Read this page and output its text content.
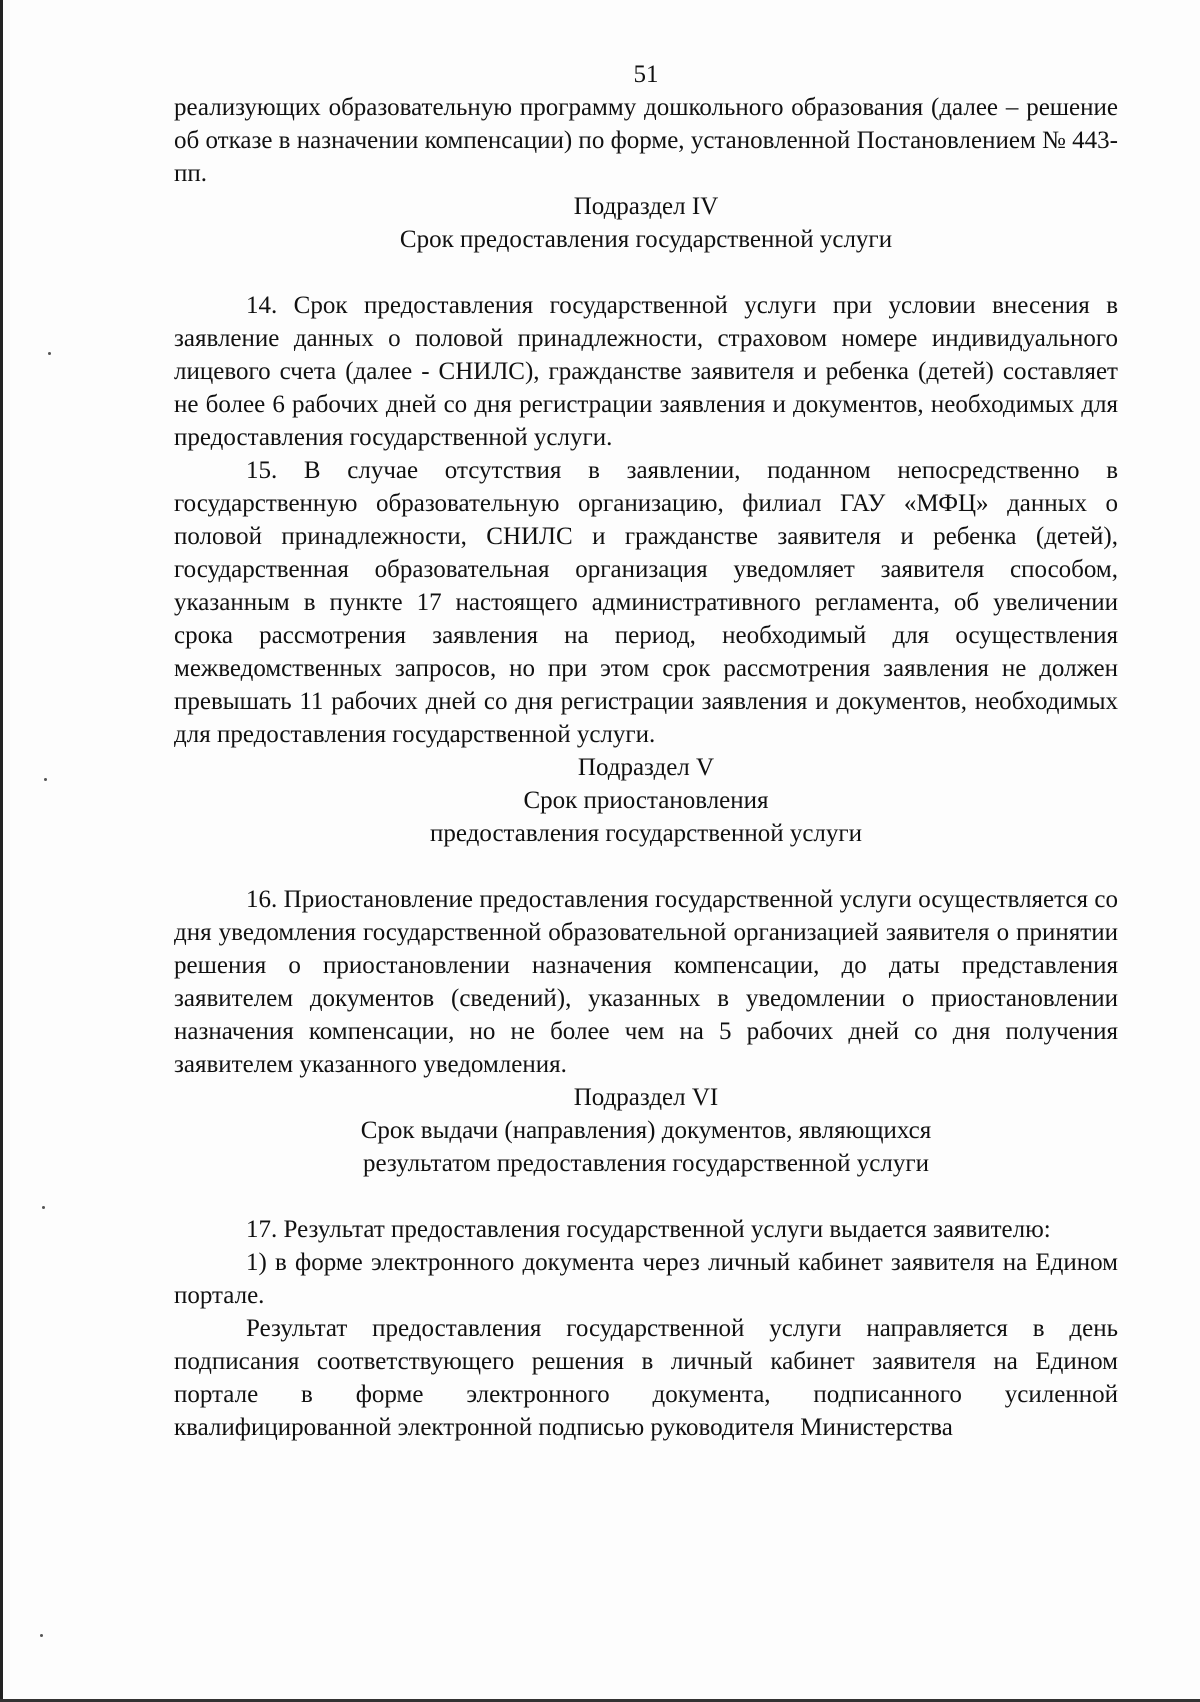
51

реализующих образовательную программу дошкольного образования (далее – решение об отказе в назначении компенсации) по форме, установленной Постановлением № 443-пп.

Подраздел IV
Срок предоставления государственной услуги

14. Срок предоставления государственной услуги при условии внесения в заявление данных о половой принадлежности, страховом номере индивидуального лицевого счета (далее - СНИЛС), гражданстве заявителя и ребенка (детей) составляет не более 6 рабочих дней со дня регистрации заявления и документов, необходимых для предоставления государственной услуги.

15. В случае отсутствия в заявлении, поданном непосредственно в государственную образовательную организацию, филиал ГАУ «МФЦ» данных о половой принадлежности, СНИЛС и гражданстве заявителя и ребенка (детей), государственная образовательная организация уведомляет заявителя способом, указанным в пункте 17 настоящего административного регламента, об увеличении срока рассмотрения заявления на период, необходимый для осуществления межведомственных запросов, но при этом срок рассмотрения заявления не должен превышать 11 рабочих дней со дня регистрации заявления и документов, необходимых для предоставления государственной услуги.

Подраздел V
Срок приостановления
предоставления государственной услуги

16. Приостановление предоставления государственной услуги осуществляется со дня уведомления государственной образовательной организацией заявителя о принятии решения о приостановлении назначения компенсации, до даты представления заявителем документов (сведений), указанных в уведомлении о приостановлении назначения компенсации, но не более чем на 5 рабочих дней со дня получения заявителем указанного уведомления.

Подраздел VI
Срок выдачи (направления) документов, являющихся
результатом предоставления государственной услуги

17. Результат предоставления государственной услуги выдается заявителю:

1) в форме электронного документа через личный кабинет заявителя на Едином портале.

Результат предоставления государственной услуги направляется в день подписания соответствующего решения в личный кабинет заявителя на Едином портале в форме электронного документа, подписанного усиленной квалифицированной электронной подписью руководителя Министерства
